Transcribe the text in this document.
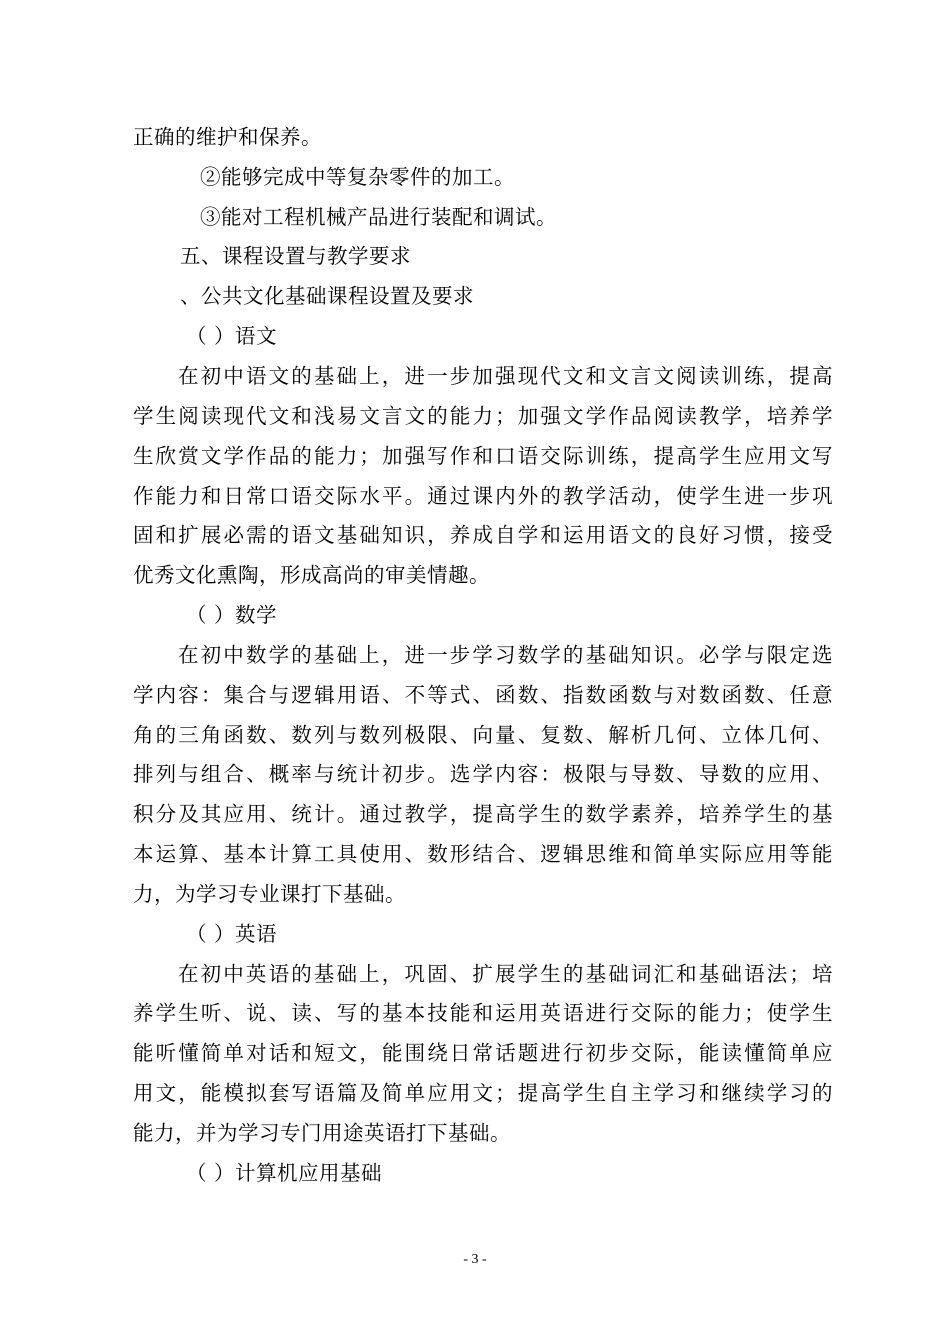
正确的维护和保养。
②能够完成中等复杂零件的加工。
③能对工程机械产品进行装配和调试。
五、课程设置与教学要求
、公共文化基础课程设置及要求
（ ）语文
在初中语文的基础上，进一步加强现代文和文言文阅读训练，提高
学生阅读现代文和浅易文言文的能力；加强文学作品阅读教学，培养学
生欣赏文学作品的能力；加强写作和口语交际训练，提高学生应用文写
作能力和日常口语交际水平。通过课内外的教学活动，使学生进一步巩
固和扩展必需的语文基础知识，养成自学和运用语文的良好习惯，接受
优秀文化熏陶，形成高尚的审美情趣。
（ ）数学
在初中数学的基础上，进一步学习数学的基础知识。必学与限定选
学内容：集合与逻辑用语、不等式、函数、指数函数与对数函数、任意
角的三角函数、数列与数列极限、向量、复数、解析几何、立体几何、
排列与组合、概率与统计初步。选学内容：极限与导数、导数的应用、
积分及其应用、统计。通过教学，提高学生的数学素养，培养学生的基
本运算、基本计算工具使用、数形结合、逻辑思维和简单实际应用等能
力，为学习专业课打下基础。
（ ）英语
在初中英语的基础上，巩固、扩展学生的基础词汇和基础语法；培
养学生听、说、读、写的基本技能和运用英语进行交际的能力；使学生
能听懂简单对话和短文，能围绕日常话题进行初步交际，能读懂简单应
用文，能模拟套写语篇及简单应用文；提高学生自主学习和继续学习的
能力，并为学习专门用途英语打下基础。
（ ）计算机应用基础
- 3 -
